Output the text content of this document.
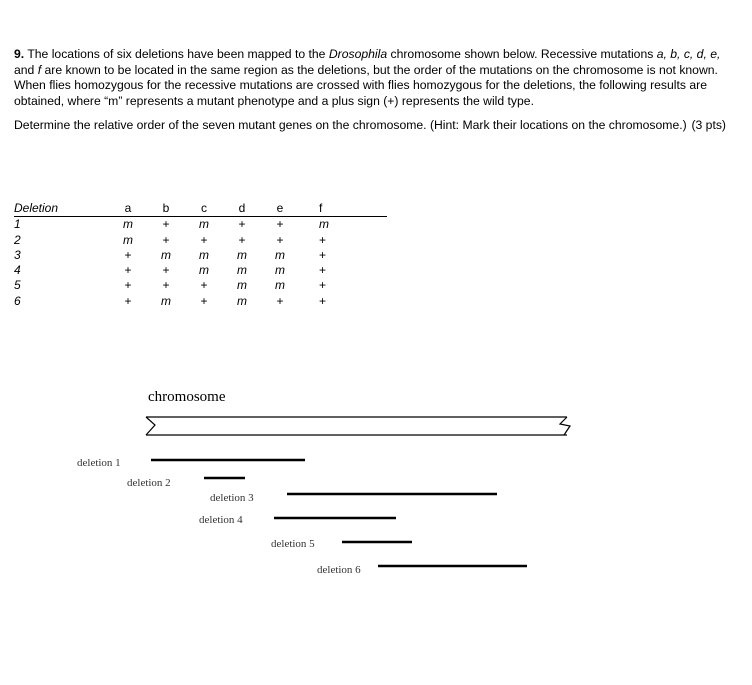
9. The locations of six deletions have been mapped to the Drosophila chromosome shown below. Recessive mutations a, b, c, d, e, and f are known to be located in the same region as the deletions, but the order of the mutations on the chromosome is not known. When flies homozygous for the recessive mutations are crossed with flies homozygous for the deletions, the following results are obtained, where “m” represents a mutant phenotype and a plus sign (+) represents the wild type.

Determine the relative order of the seven mutant genes on the chromosome. (Hint: Mark their locations on the chromosome.) (3 pts)

Deletion	a	b	c	d	e	f
1	m	+	m	+	+	m
2	m	+	+	+	+	+
3	+	m	m	m	m	+
4	+	+	m	m	m	+
5	+	+	+	m	m	+
6	+	m	+	m	+	+
chromosome
deletion 1
deletion 2
deletion 3
deletion 4
deletion 5
deletion 6
